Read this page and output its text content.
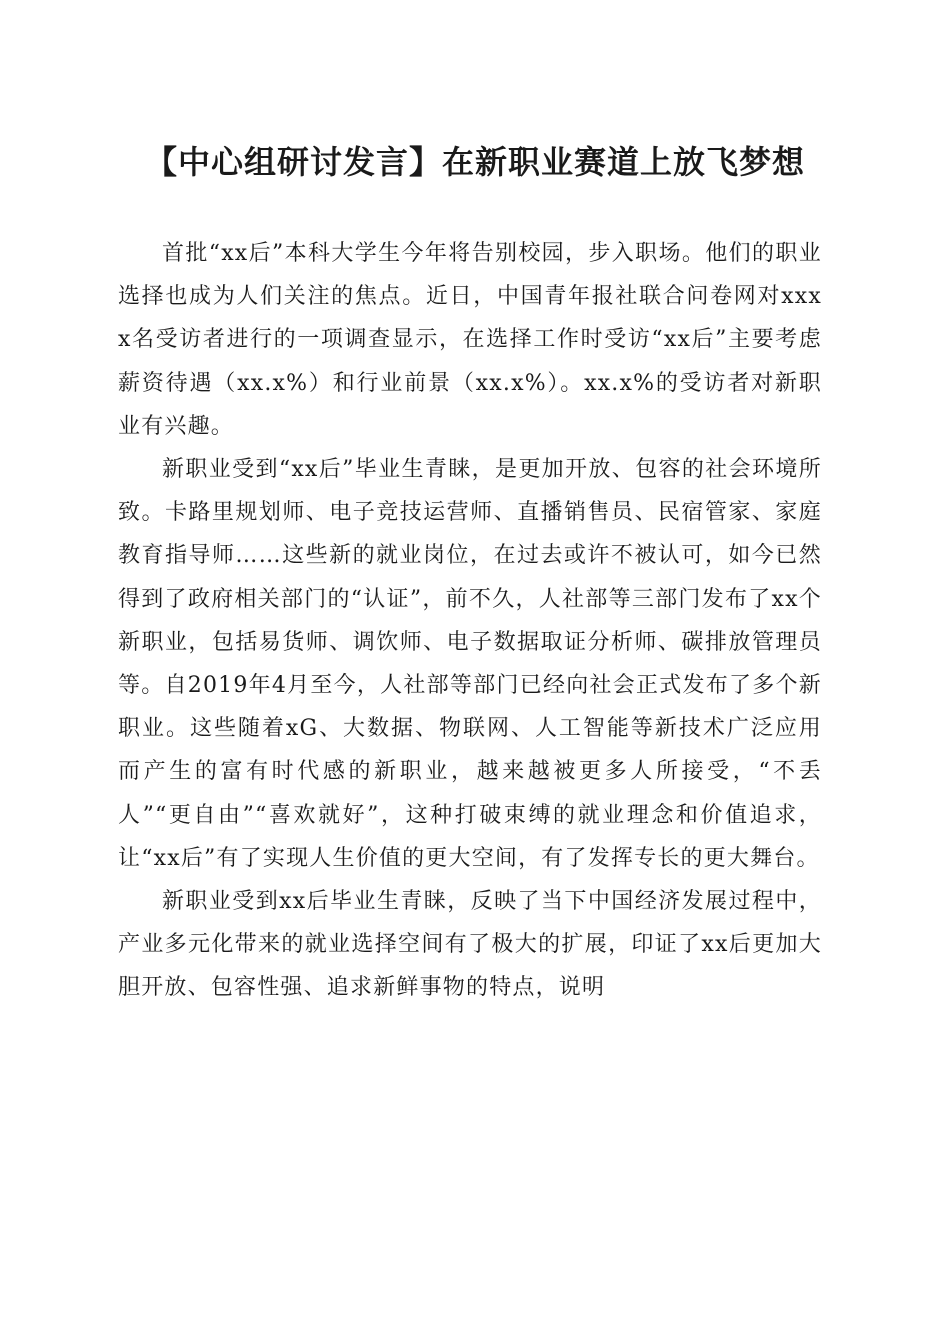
【中心组研讨发言】在新职业赛道上放飞梦想

首批“xx后”本科大学生今年将告别校园，步入职场。他们的职业选择也成为人们关注的焦点。近日，中国青年报社联合问卷网对xxxx名受访者进行的一项调查显示，在选择工作时受访“xx后”主要考虑薪资待遇（xx.x%）和行业前景（xx.x%）。xx.x%的受访者对新职业有兴趣。

新职业受到“xx后”毕业生青睐，是更加开放、包容的社会环境所致。卡路里规划师、电子竞技运营师、直播销售员、民宿管家、家庭教育指导师……这些新的就业岗位，在过去或许不被认可，如今已然得到了政府相关部门的“认证”，前不久，人社部等三部门发布了xx个新职业，包括易货师、调饮师、电子数据取证分析师、碳排放管理员等。自2019年4月至今，人社部等部门已经向社会正式发布了多个新职业。这些随着xG、大数据、物联网、人工智能等新技术广泛应用而产生的富有时代感的新职业，越来越被更多人所接受，“不丢人”“更自由”“喜欢就好”，这种打破束缚的就业理念和价值追求，让“xx后”有了实现人生价值的更大空间，有了发挥专长的更大舞台。

新职业受到xx后毕业生青睐，反映了当下中国经济发展过程中，产业多元化带来的就业选择空间有了极大的扩展，印证了xx后更加大胆开放、包容性强、追求新鲜事物的特点，说明
